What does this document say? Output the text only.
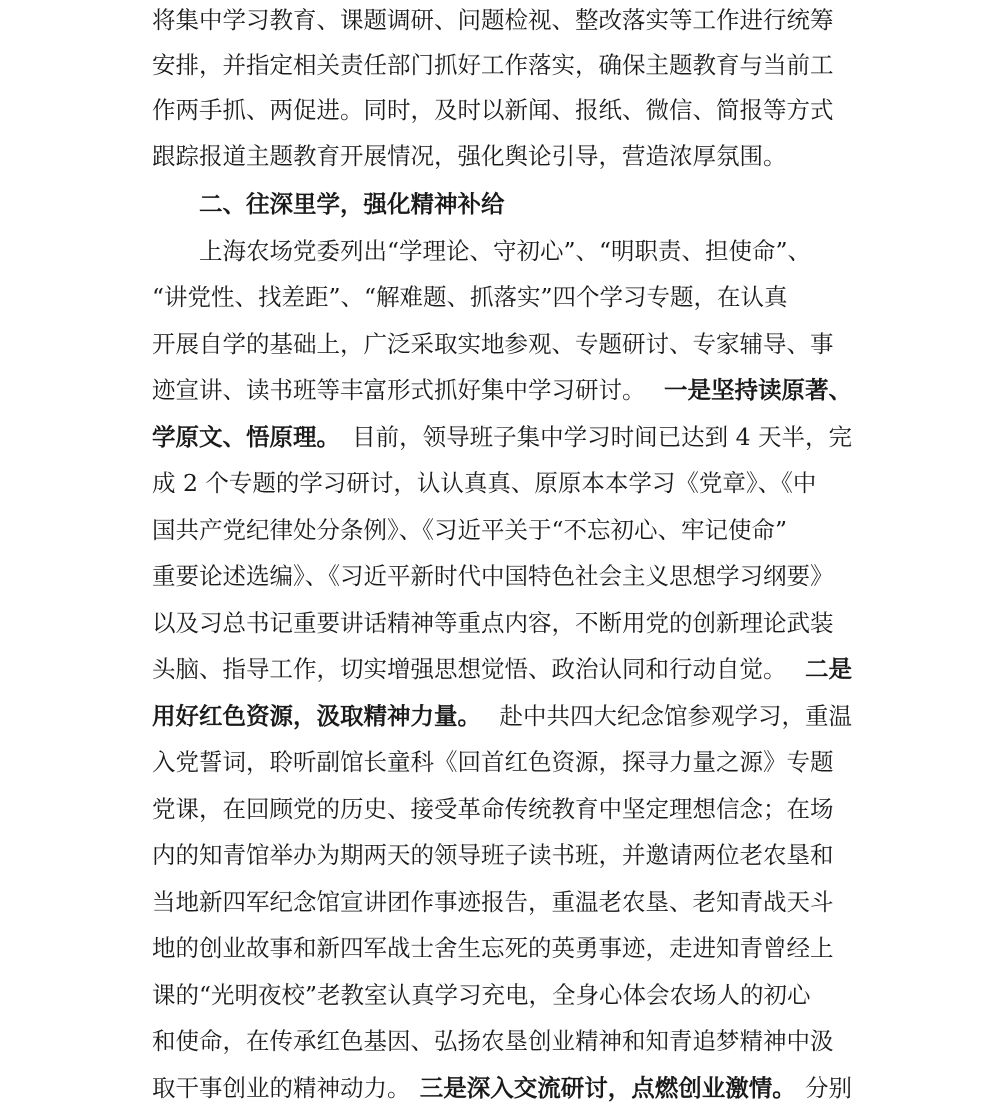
将集中学习教育、课题调研、问题检视、整改落实等工作进行统筹
安排，并指定相关责任部门抓好工作落实，确保主题教育与当前工
作两手抓、两促进。同时，及时以新闻、报纸、微信、简报等方式
跟踪报道主题教育开展情况，强化舆论引导，营造浓厚氛围。
二、往深里学，强化精神补给
上海农场党委列出“学理论、守初心”、“明职责、担使命”、
“讲党性、找差距”、“解难题、抓落实”四个学习专题，在认真
开展自学的基础上，广泛采取实地参观、专题研讨、专家辅导、事
迹宣讲、读书班等丰富形式抓好集中学习研讨。 一是坚持读原著、
学原文、悟原理。 目前，领导班子集中学习时间已达到 4 天半，完
成 2 个专题的学习研讨，认认真真、原原本本学习《党章》、《中
国共产党纪律处分条例》、《习近平关于“不忘初心、牢记使命”
重要论述选编》、《习近平新时代中国特色社会主义思想学习纲要》
以及习总书记重要讲话精神等重点内容，不断用党的创新理论武装
头脑、指导工作，切实增强思想觉悟、政治认同和行动自觉。 二是
用好红色资源，汲取精神力量。 赴中共四大纪念馆参观学习，重温
入党誓词，聆听副馆长童科《回首红色资源，探寻力量之源》专题
党课，在回顾党的历史、接受革命传统教育中坚定理想信念；在场
内的知青馆举办为期两天的领导班子读书班，并邀请两位老农垦和
当地新四军纪念馆宣讲团作事迹报告，重温老农垦、老知青战天斗
地的创业故事和新四军战士舍生忘死的英勇事迹，走进知青曾经上
课的“光明夜校”老教室认真学习充电，全身心体会农场人的初心
和使命，在传承红色基因、弘扬农垦创业精神和知青追梦精神中汲
取干事创业的精神动力。 三是深入交流研讨，点燃创业激情。 分别
